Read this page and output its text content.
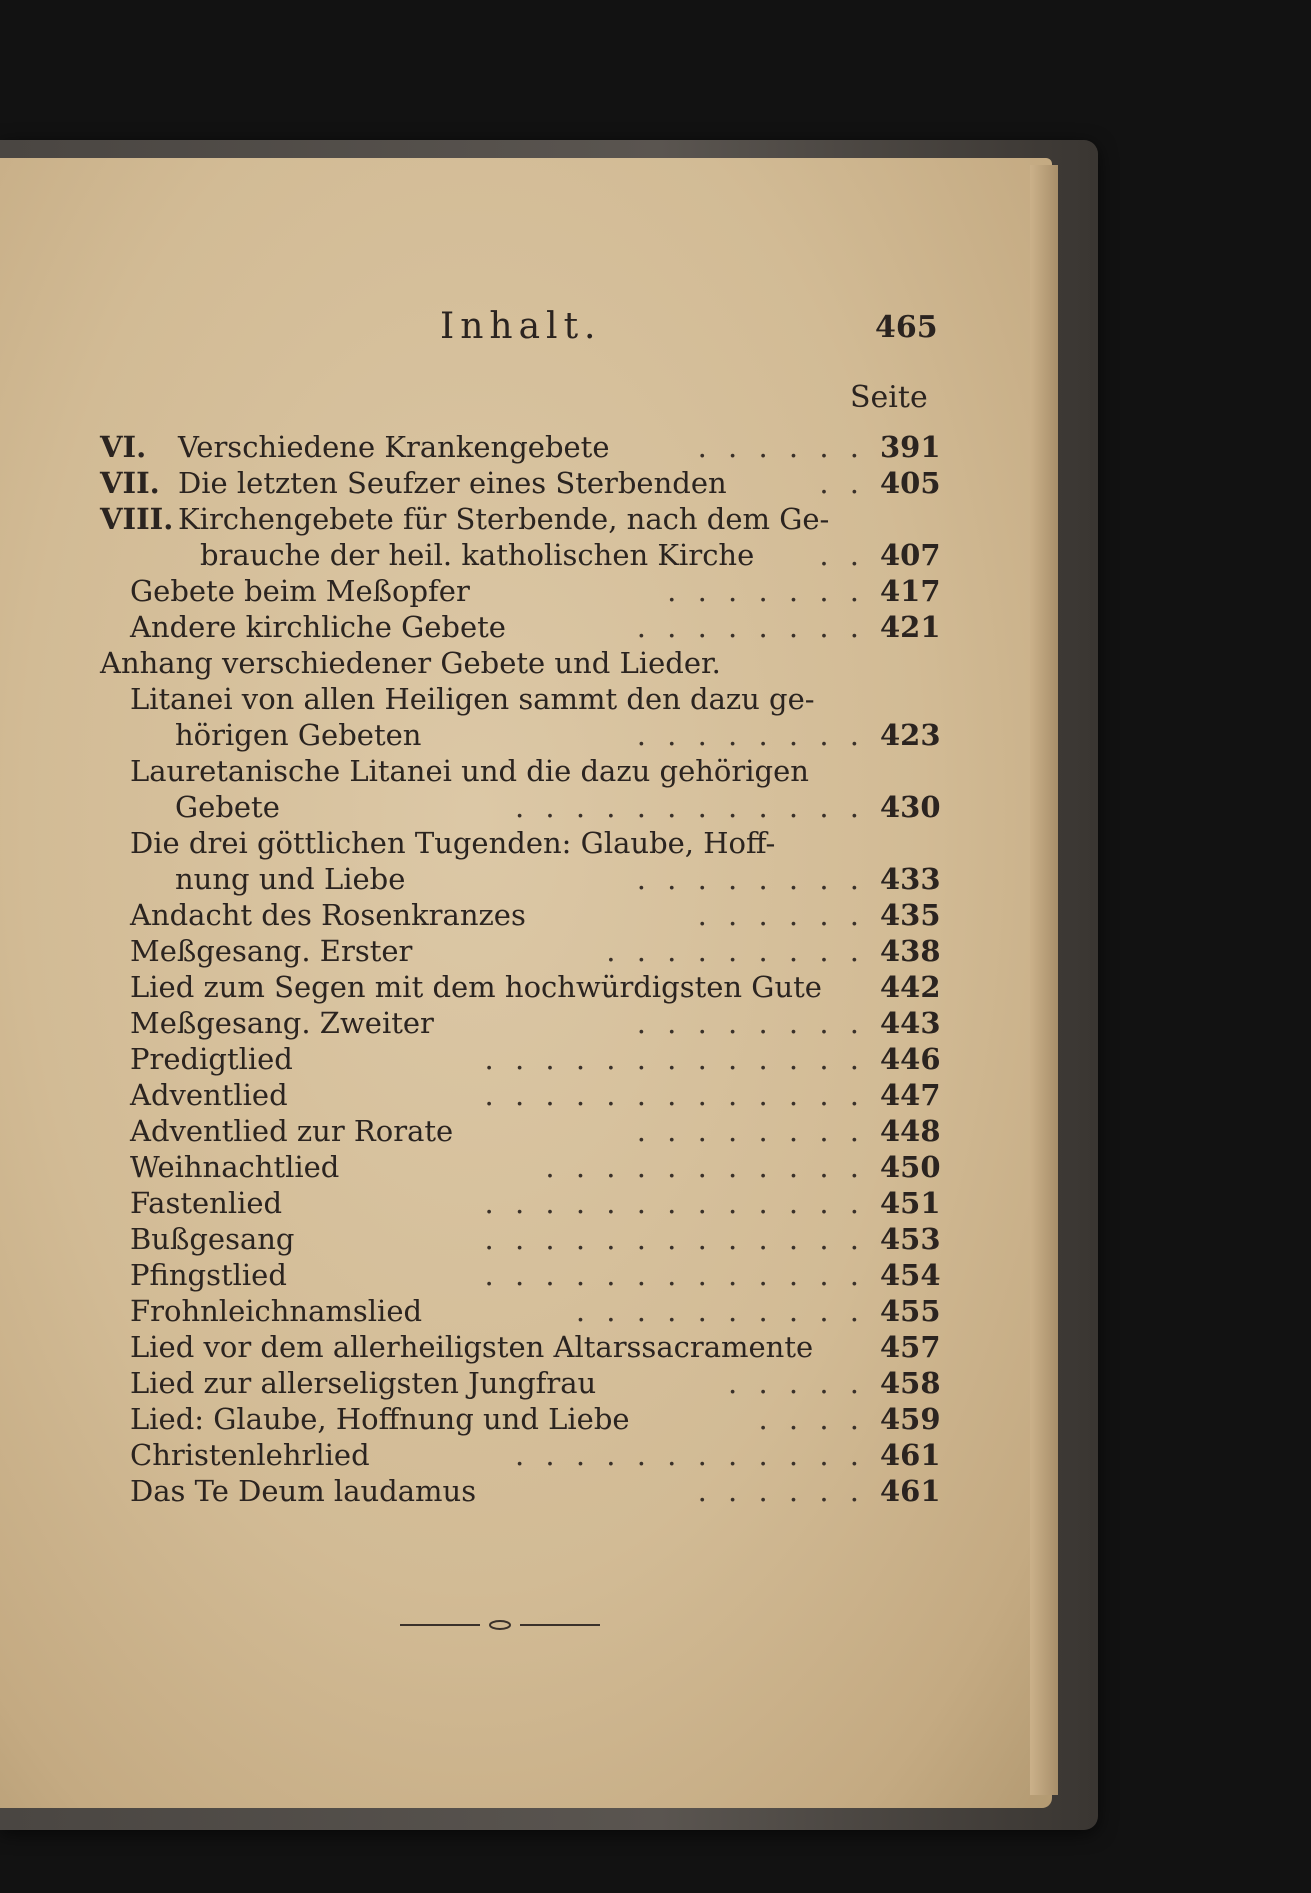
Inhalt.	465
Seite
VI. Verschiedene Krankengebete	. . . . . . 391
VII. Die letzten Seufzer eines Sterbenden	. . 405
VIII. Kirchengebete für Sterbende, nach dem Ge-
brauche der heil. katholischen Kirche . . 407
Gebete beim Meßopfer	. . . . . . . 417
Andere kirchliche Gebete	. . . . . . . . 421
Anhang verschiedener Gebete und Lieder.
Litanei von allen Heiligen sammt den dazu ge-
hörigen Gebeten	. . . . . . . . 423
Lauretanische Litanei und die dazu gehörigen
Gebete	. . . . . . . . . . . . 430
Die drei göttlichen Tugenden: Glaube, Hoff-
nung und Liebe	. . . . . . . . 433
Andacht des Rosenkranzes	. . . . . . 435
Meßgesang. Erster	. . . . . . . . . 438
Lied zum Segen mit dem hochwürdigsten Gute 442
Meßgesang. Zweiter	. . . . . . . . 443
Predigtlied	. . . . . . . . . . . . . 446
Adventlied	. . . . . . . . . . . . . 447
Adventlied zur Rorate	. . . . . . . . 448
Weihnachtlied	. . . . . . . . . . . 450
Fastenlied	. . . . . . . . . . . . . 451
Bußgesang	. . . . . . . . . . . . . 453
Pfingstlied	. . . . . . . . . . . . . 454
Frohnleichnamslied	. . . . . . . . . . 455
Lied vor dem allerheiligsten Altarssacramente 457
Lied zur allerseligsten Jungfrau	. . . . . 458
Lied: Glaube, Hoffnung und Liebe	. . . . 459
Christenlehrlied	. . . . . . . . . . . . 461
Das Te Deum laudamus	. . . . . . 461
